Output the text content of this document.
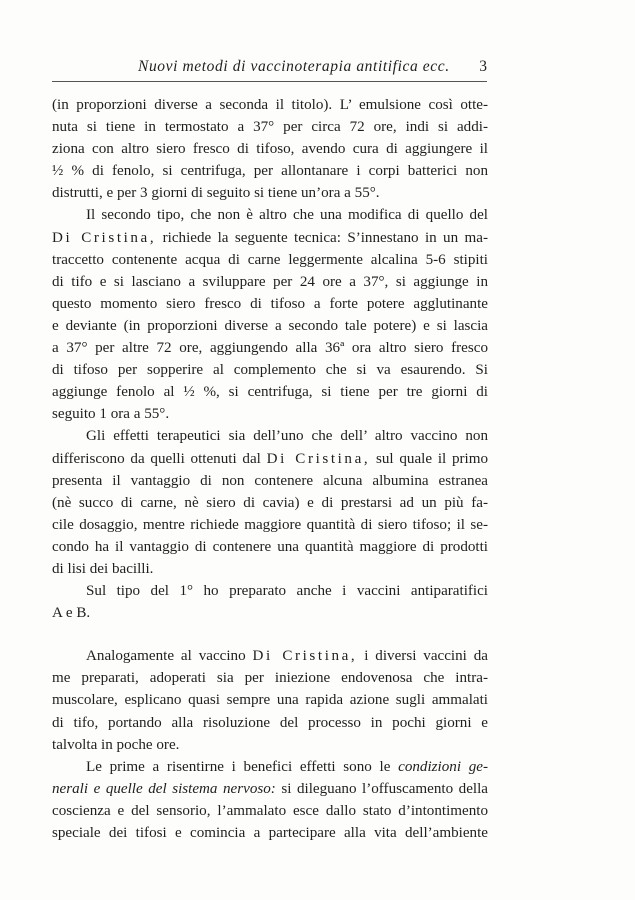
Nuovi metodi di vaccinoterapia antitifica ecc. 3
(in proporzioni diverse a seconda il titolo). L’ emulsione così otte-
nuta si tiene in termostato a 37° per circa 72 ore, indi si addi-
ziona con altro siero fresco di tifoso, avendo cura di aggiungere il
½ % di fenolo, si centrifuga, per allontanare i corpi batterici non
distrutti, e per 3 giorni di seguito si tiene un’ora a 55°.
Il secondo tipo, che non è altro che una modifica di quello del
Di Cristina, richiede la seguente tecnica: S’innestano in un ma-
traccetto contenente acqua di carne leggermente alcalina 5-6 stipiti
di tifo e si lasciano a sviluppare per 24 ore a 37°, si aggiunge in
questo momento siero fresco di tifoso a forte potere agglutinante
e deviante (in proporzioni diverse a secondo tale potere) e si lascia
a 37° per altre 72 ore, aggiungendo alla 36ª ora altro siero fresco
di tifoso per sopperire al complemento che si va esaurendo. Si
aggiunge fenolo al ½ %, si centrifuga, si tiene per tre giorni di
seguito 1 ora a 55°.
Gli effetti terapeutici sia dell’uno che dell’ altro vaccino non
differiscono da quelli ottenuti dal Di Cristina, sul quale il primo
presenta il vantaggio di non contenere alcuna albumina estranea
(nè succo di carne, nè siero di cavia) e di prestarsi ad un più fa-
cile dosaggio, mentre richiede maggiore quantità di siero tifoso; il se-
condo ha il vantaggio di contenere una quantità maggiore di prodotti
di lisi dei bacilli.
Sul tipo del 1° ho preparato anche i vaccini antiparatifici
A e B.
Analogamente al vaccino Di Cristina, i diversi vaccini da
me preparati, adoperati sia per iniezione endovenosa che intra-
muscolare, esplicano quasi sempre una rapida azione sugli ammalati
di tifo, portando alla risoluzione del processo in pochi giorni e
talvolta in poche ore.
Le prime a risentirne i benefici effetti sono le condizioni ge-
nerali e quelle del sistema nervoso: si dileguano l’offuscamento della
coscienza e del sensorio, l’ammalato esce dallo stato d’intontimento
speciale dei tifosi e comincia a partecipare alla vita dell’ambiente
